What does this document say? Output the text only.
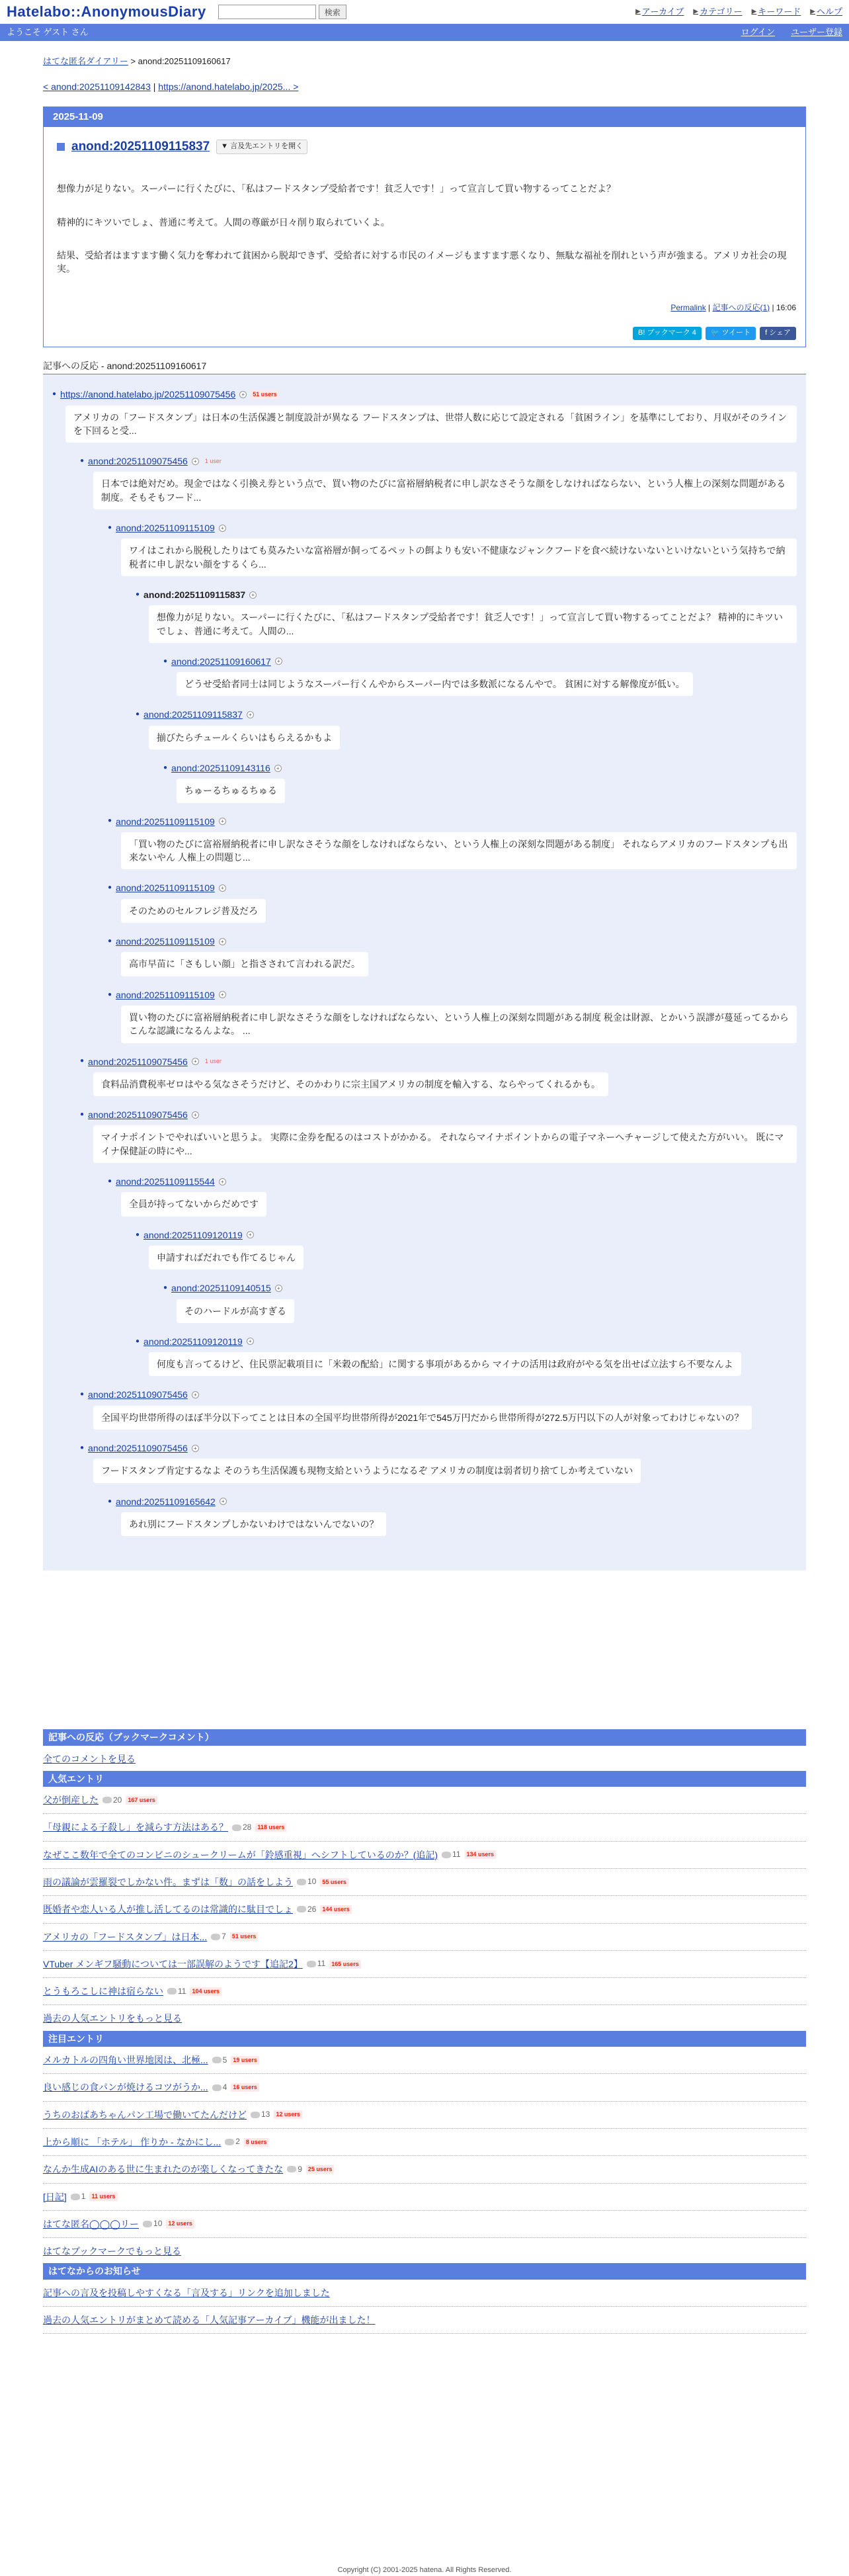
Hatelabo::AnonymousDiary	検索	▶ アーカイブ ▶ カテゴリー ▶ キーワード ▶ ヘルプ
ようこそ ゲスト さん	ログイン ユーザー登録
はてな匿名ダイアリー > anond:20251109160617
< anond:20251109142843 | https://anond.hatelabo.jp/2025... >
2025-11-09
anond:20251109115837	▼ 言及先エントリを開く

想像力が足りない。スーパーに行くたびに、「私はフードスタンプ受給者です！貧乏人です！」って宣言して買い物するってことだよ？

精神的にキツいでしょ、普通に考えて。人間の尊厳が日々削り取られていくよ。

結果、受給者はますます働く気力を奪われて貧困から脱却できず、受給者に対する市民のイメージもますます悪くなり、無駄な福祉を削れという声が強まる。アメリカ社会の現実。

Permalink | 記事への反応(1) | 16:06
B! ブックマーク 4	🐦 ツイート	f シェア
記事への反応 - anond:20251109160617
● https://anond.hatelabo.jp/20251109075456	+	51 users
アメリカの「フードスタンプ」は日本の生活保護と制度設計が異なる フードスタンプは、世帯人数に応じて設定される「貧困ライン」を基準にしており、月収がそのラインを下回ると受...
● anond:20251109075456	+	1 user
日本では絶対だめ。現金ではなく引換え券という点で、買い物のたびに富裕層納税者に申し訳なさそうな顔をしなければならない、という人権上の深刻な問題がある制度。そもそもフード...
● anond:20251109115109	+
ワイはこれから脱税したりはても莫みたいな富裕層が飼ってるペットの餌よりも安い不健康なジャンクフードを食べ続けないないといけないという気持ちで納税者に申し訳ない顔をするくら...
● anond:20251109115837	+
想像力が足りない。スーパーに行くたびに、「私はフードスタンプ受給者です！貧乏人です！」って宣言して買い物するってことだよ？ 精神的にキツいでしょ、普通に考えて。人間の...
● anond:20251109160617	+
どうせ受給者同士は同じようなスーパー行くんやからスーパー内では多数派になるんやで。 貧困に対する解像度が低い。
● anond:20251109115837	+
揃びたらチュールくらいはもらえるかもよ
● anond:20251109143116	+
ちゅーるちゅるちゅる
● anond:20251109115109	+
「買い物のたびに富裕層納税者に申し訳なさそうな顔をしなければならない、という人権上の深刻な問題がある制度」 それならアメリカのフードスタンプも出来ないやん 人権上の問題じ...
● anond:20251109115109	+
そのためのセルフレジ普及だろ
● anond:20251109115109	+
高市早苗に「さもしい顔」と指さされて言われる訳だ。
● anond:20251109115109	+
買い物のたびに富裕層納税者に申し訳なさそうな顔をしなければならない、という人権上の深刻な問題がある制度 税金は財源、とかいう誤謬が蔓延ってるからこんな認識になるんよな。 ...
● anond:20251109075456	+	1 user
食料品消費税率ゼロはやる気なさそうだけど、そのかわりに宗主国アメリカの制度を輸入する、ならやってくれるかも。
● anond:20251109075456	+
マイナポイントでやればいいと思うよ。 実際に金券を配るのはコストがかかる。 それならマイナポイントからの電子マネーへチャージして使えた方がいい。 既にマイナ保健証の時にや...
● anond:20251109115544	+
全員が持ってないからだめです
● anond:20251109120119	+
申請すればだれでも作てるじゃん
● anond:20251109140515	+
そのハードルが高すぎる
● anond:20251109120119	+
何度も言ってるけど、住民票記載項目に「米穀の配給」に関する事項があるから マイナの活用は政府がやる気を出せば立法すら不要なんよ
● anond:20251109075456	+
全国平均世帯所得のほぼ半分以下ってことは日本の全国平均世帯所得が2021年で545万円だから世帯所得が272.5万円以下の人が対象ってわけじゃないの？
● anond:20251109075456	+
フードスタンプ肯定するなよ そのうち生活保護も現物支給というようになるぞ アメリカの制度は弱者切り捨てしか考えていない
● anond:20251109165642	+
あれ別にフードスタンプしかないわけではないんでないの？
記事への反応（ブックマークコメント）
全てのコメントを見る
人気エントリ
父が倒産した 20	167 users
「母親による子殺し」を減らす方法はある？ 28	118 users
なぜここ数年で全てのコンビニのシュークリームが「鈴感重視」へシフトしているのか？(追記) 11	134 users
雨の議論が雲羅裂でしかない件。まずは「数」の話をしよう 10	55 users
既婚者や恋人いる人が推し活してるのは常識的に駄目でしょ 26	144 users
アメリカの「フードスタンプ」は日本... 7	51 users
VTuber メンギフ騒動については一部誤解のようです【追記2】 11	165 users
とうもろこしに神は宿らない 11	104 users
過去の人気エントリをもっと見る
注目エントリ
メルカトルの四角い世界地図は、北極... 5	19 users
良い感じの食パンが焼けるコツがうか... 4	16 users
うちのおばあちゃんパン工場で働いてたんだけど 13	12 users
上から順に 「ホテル」 作りか - なかにし... 2	8 users
なんか生成AIのある世に生まれたのが楽しくなってきたな 9	25 users
[日記] 1	11 users
はてな匿名◯◯◯リー 10	12 users
はてなブックマークでもっと見る
はてなからのお知らせ
記事への言及を投稿しやすくなる「言及する」リンクを追加しました
過去の人気エントリがまとめて読める「人気記事アーカイブ」機能が出ました！
Copyright (C) 2001-2025 hatena. All Rights Reserved.
